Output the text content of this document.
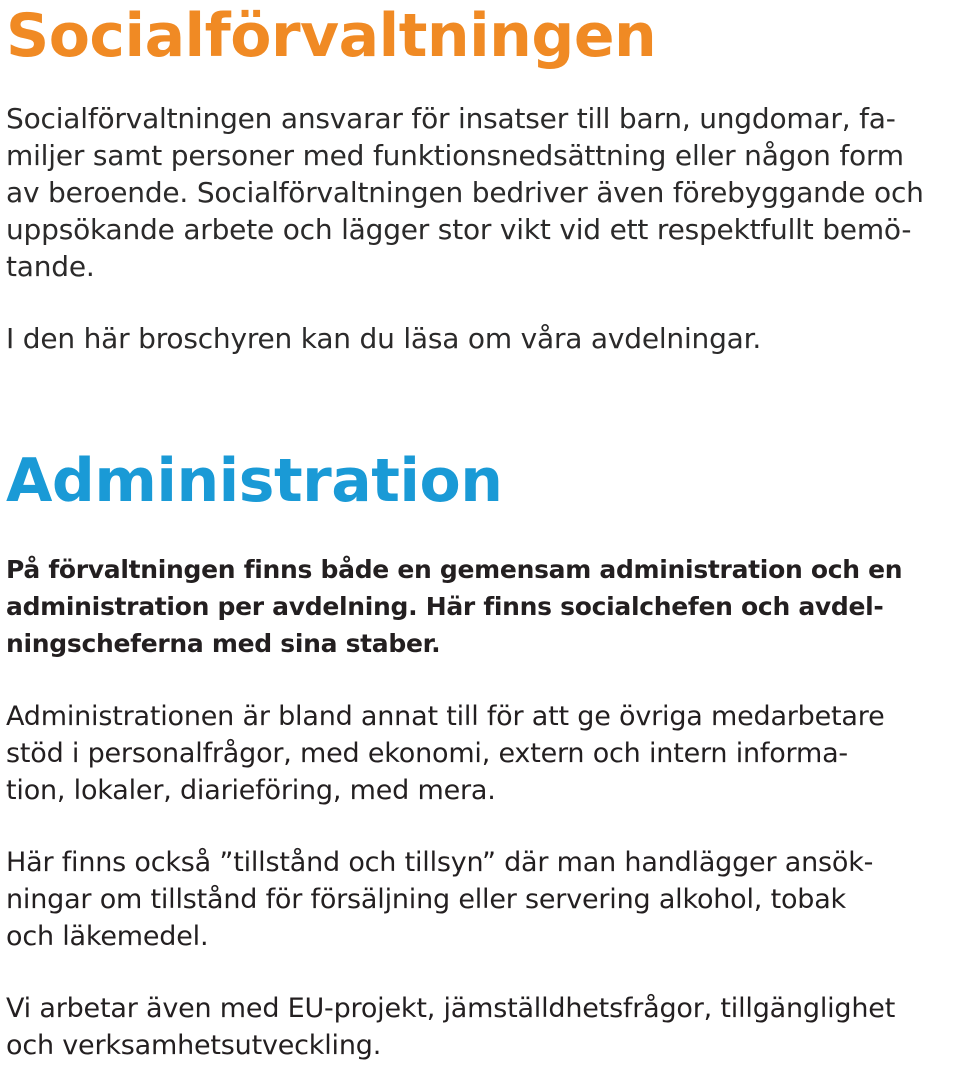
Socialförvaltningen
Socialförvaltningen ansvarar för insatser till barn, ungdomar, fa-
miljer samt personer med funktionsnedsättning eller någon form
av beroende. Socialförvaltningen bedriver även förebyggande och
uppsökande arbete och lägger stor vikt vid ett respektfullt bemö-
tande.
I den här broschyren kan du läsa om våra avdelningar.
Administration
På förvaltningen finns både en gemensam administration och en
administration per avdelning. Här finns socialchefen och avdel-
ningscheferna med sina staber.
Administrationen är bland annat till för att ge övriga medarbetare
stöd i personalfrågor, med ekonomi, extern och intern informa-
tion, lokaler, diarieföring, med mera.
Här finns också ”tillstånd och tillsyn” där man handlägger ansök-
ningar om tillstånd för försäljning eller servering alkohol, tobak
och läkemedel.
Vi arbetar även med EU-projekt, jämställdhetsfrågor, tillgänglighet
och verksamhetsutveckling.
